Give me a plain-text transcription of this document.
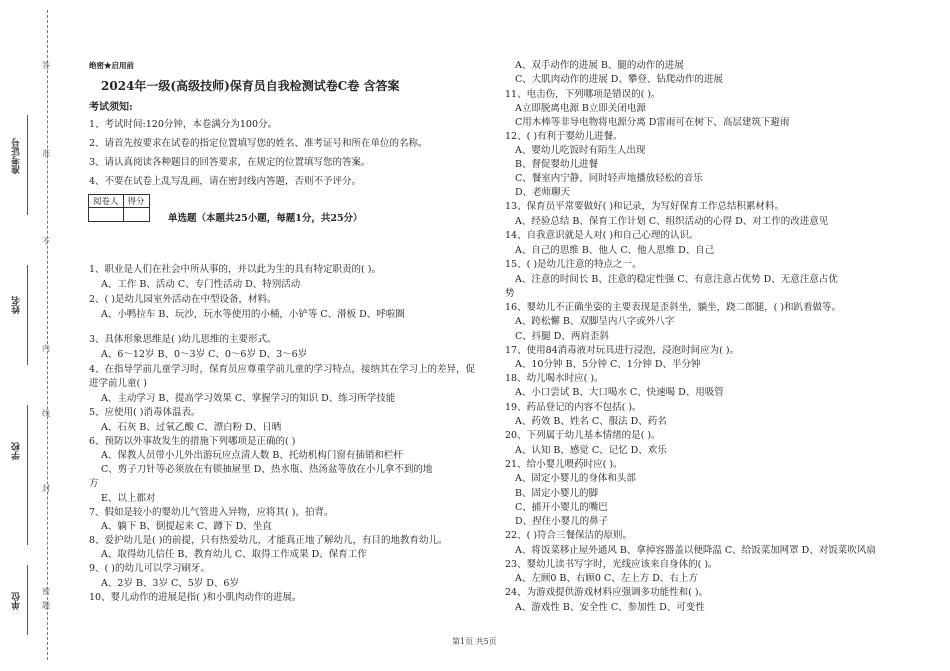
准考证号
姓名
学校
单位
密
封
线
内
不
准
答
题
绝密★启用前
2024年一级(高级技师)保育员自我检测试卷C卷 含答案
考试须知:
1、考试时间:120分钟，本卷满分为100分。
2、请首先按要求在试卷的指定位置填写您的姓名、准考证号和所在单位的名称。
3、请认真阅读各种题目的回答要求，在规定的位置填写您的答案。
4、不要在试卷上乱写乱画，请在密封线内答题，否则不予评分。
阅卷人	得分

单选题（本题共25小题，每题1分，共25分）
1、职业是人们在社会中所从事的，并以此为生的具有特定职责的( )。
A、工作 B、活动 C、专门性活动 D、特别活动
2、( )是幼儿园室外活动在中型设备，材料。
A、小鸭拉车 B、玩沙，玩水等使用的小桶，小铲等 C、滑板 D、呼啦圈
3、具体形象思维是( )幼儿思维的主要形式。
A、6～12岁 B、0～3岁 C、0～6岁 D、3～6岁
4、在指导学前儿童学习时，保育员应尊重学前儿童的学习特点，接纳其在学习上的差异，促
进学前儿童( )
A、主动学习 B、提高学习效果 C、掌握学习的知识 D、练习所学技能
5、应使用( )消毒体温表。
A、石灰 B、过氧乙酸 C、漂白粉 D、日晒
6、预防以外事故发生的措施下列哪项是正确的( )
A、保教人员带小儿外出游玩应点清人数 B、托幼机构门窗有插销和栏杆
C、剪子刀针等必须放在有锁抽屉里 D、热水瓶、热汤盆等放在小儿拿不到的地
方
E、以上都对
7、假如是较小的婴幼儿气管进入异物，应将其( )，拍背。
A、躺下 B、倒提起来 C、蹲下 D、坐直
8、爱护幼儿是( )的前提，只有热爱幼儿，才能真正地了解幼儿，有目的地教育幼儿。
A、取得幼儿信任 B、教育幼儿 C、取得工作成果 D、保育工作
9、( )的幼儿可以学习刷牙。
A、2岁 B、3岁 C、5岁 D、6岁
10、婴儿动作的进展是指( )和小肌肉动作的进展。
A、双手动作的进展 B、腿的动作的进展
C、大肌肉动作的进展 D、攀登、钻爬动作的进展
11、电击伤，下列哪项是错误的( )。
A立即脱离电源 B立即关闭电源
C用木棒等非导电物将电源分离 D雷雨可在树下、高层建筑下避雨
12、( )有利于婴幼儿进餐。
A、婴幼儿吃饭时有陌生人出现
B、督促婴幼儿进餐
C、餐室内宁静，同时轻声地播放轻松的音乐
D、老师聊天
13、保育员平常要做好( )和记录，为写好保育工作总结积累材料。
A、经验总结 B、保育工作计划 C、组织活动的心得 D、对工作的改进意见
14、自我意识就是人对( )和自己心理的认识。
A、自己的思维 B、他人 C、他人思维 D、自己
15、( )是幼儿注意的特点之一。
A、注意的时间长 B、注意的稳定性强 C、有意注意占优势 D、无意注意占优
势
16、婴幼儿不正确坐姿的主要表现是歪斜坐，躺坐，跷二郎腿，( )和趴着做等。
A、跨松懈 B、双脚呈内八字或外八字
C、抖腿 D、两肩歪斜
17、使用84消毒液对玩具进行浸泡，浸泡时间应为( )。
A、10分钟 B、5分钟 C、1分钟 D、半分钟
18、幼儿喝水时应( )。
A、小口尝试 B、大口喝水 C、快速喝 D、用吸管
19、药品登记的内容不包括( )。
A、药效 B、姓名 C、服法 D、药名
20、下列属于幼儿基本情绪的是( )。
A、认知 B、感觉 C、记忆 D、欢乐
21、给小婴儿喂药时应( )。
A、固定小婴儿的身体和头部
B、固定小婴儿的脚
C、捕开小婴儿的嘴巴
D、捏住小婴儿的鼻子
22、( )符合三餐保洁的原则。
A、将饭菜移止屋外通风 B、拿掉容器盖以便降温 C、给饭菜加网罩 D、对饭菜吹风扇
23、婴幼儿读书写字时，光线应该来自身体的( )。
A、左顾0 B、右顾0 C、左上方 D、右上方
24、为游戏提供游戏材料应强调多功能性和( )。
A、游戏性 B、安全性 C、参加性 D、可变性
第1页 共5页
